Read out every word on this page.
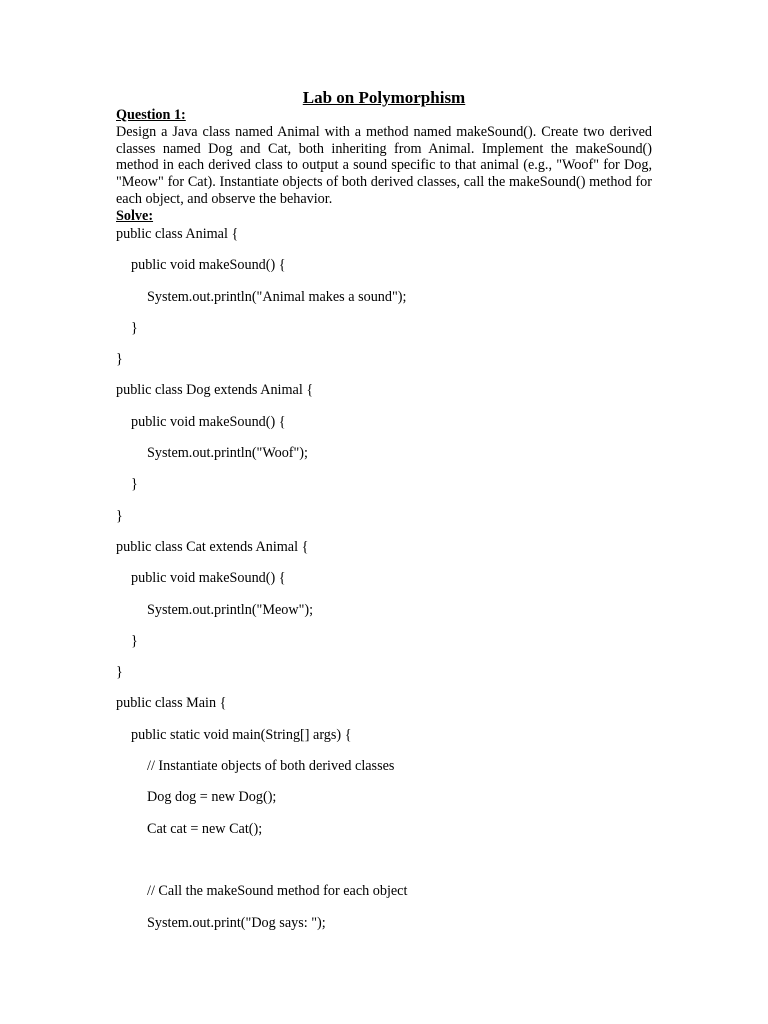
Lab on Polymorphism
Question 1:

Design a Java class named Animal with a method named makeSound(). Create two derived classes named Dog and Cat, both inheriting from Animal. Implement the makeSound() method in each derived class to output a sound specific to that animal (e.g., "Woof" for Dog, "Meow" for Cat). Instantiate objects of both derived classes, call the makeSound() method for each object, and observe the behavior.

Solve:
public class Animal {
public void makeSound() {
System.out.println("Animal makes a sound");
}
}
public class Dog extends Animal {
public void makeSound() {
System.out.println("Woof");
}
}
public class Cat extends Animal {
public void makeSound() {
System.out.println("Meow");
}
}
public class Main {
public static void main(String[] args) {
// Instantiate objects of both derived classes
Dog dog = new Dog();
Cat cat = new Cat();
// Call the makeSound method for each object
System.out.print("Dog says: ");
